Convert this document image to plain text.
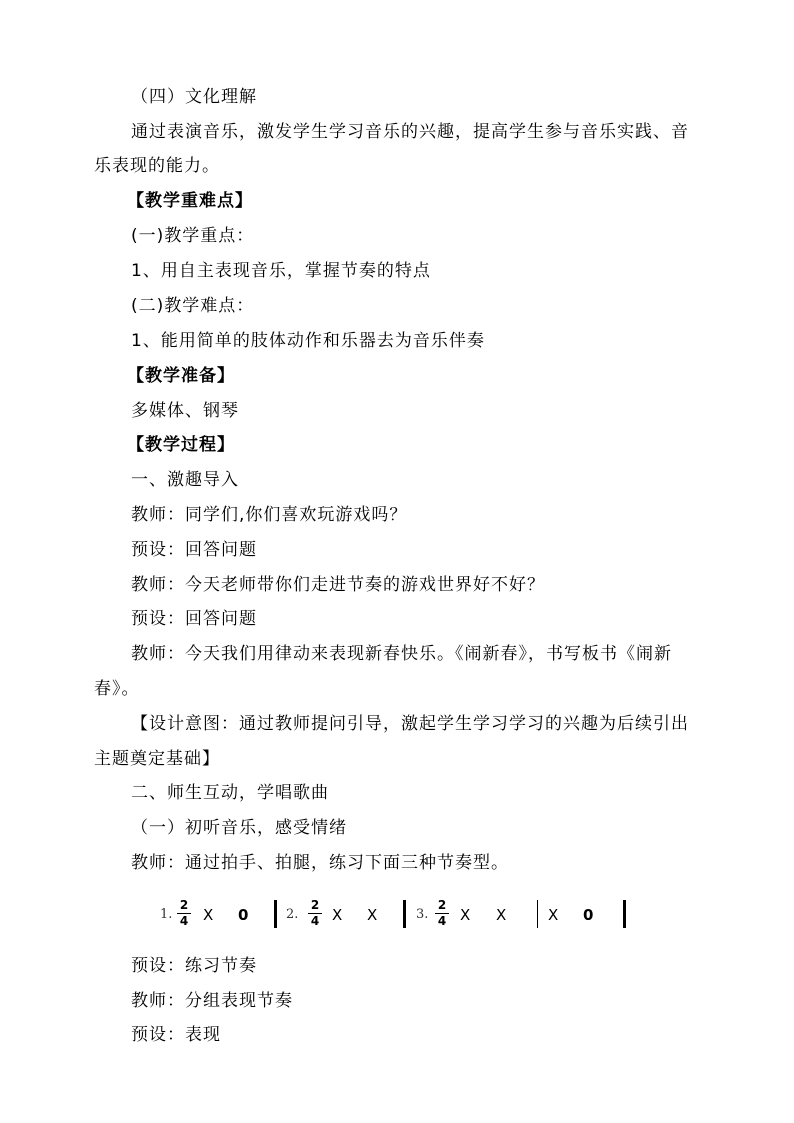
（四）文化理解
通过表演音乐，激发学生学习音乐的兴趣，提高学生参与音乐实践、音
乐表现的能力。
【教学重难点】
(一)教学重点：
1、用自主表现音乐，掌握节奏的特点
(二)教学难点：
1、能用简单的肢体动作和乐器去为音乐伴奏
【教学准备】
多媒体、钢琴
【教学过程】
一、激趣导入
教师：同学们,你们喜欢玩游戏吗？
预设：回答问题
教师：今天老师带你们走进节奏的游戏世界好不好？
预设：回答问题
教师：今天我们用律动来表现新春快乐。《闹新春》，书写板书《闹新
春》。
【设计意图：通过教师提问引导，激起学生学习学习的兴趣为后续引出
主题奠定基础】
二、师生互动，学唱歌曲
（一）初听音乐，感受情绪
教师：通过拍手、拍腿，练习下面三种节奏型。
1.
2
4 X 0	2.
2
4 X X	3.
2
4 X X	X 0
预设：练习节奏
教师：分组表现节奏
预设：表现
